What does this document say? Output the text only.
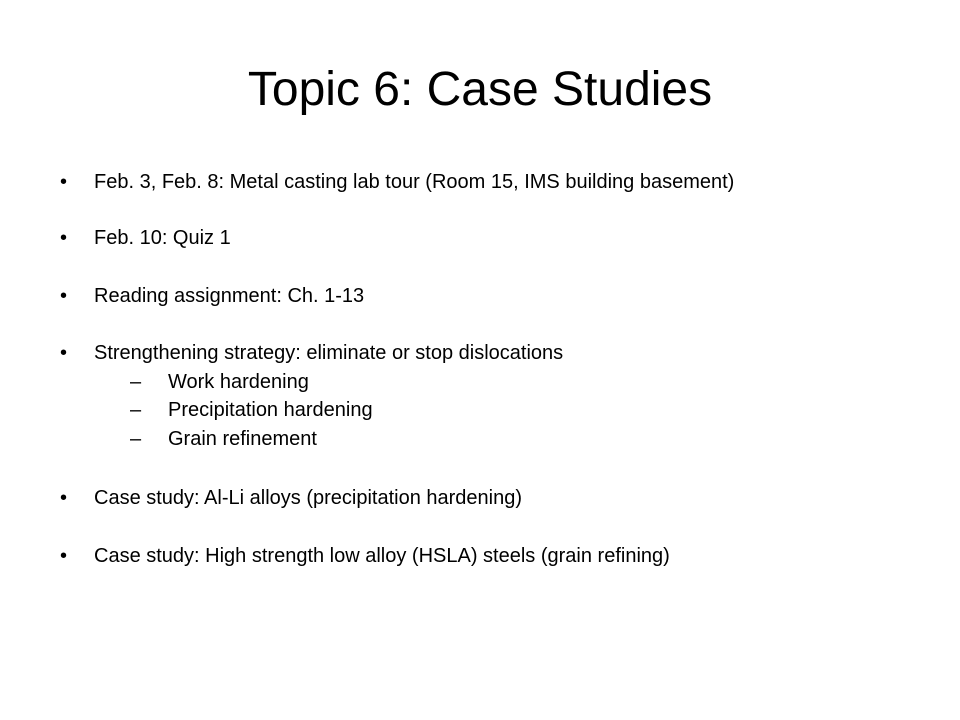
Topic 6: Case Studies
•	Feb. 3, Feb. 8: Metal casting lab tour (Room 15, IMS building basement)
•	Feb. 10: Quiz 1
•	Reading assignment: Ch. 1-13
•	Strengthening strategy: eliminate or stop dislocations
– Work hardening
– Precipitation hardening
– Grain refinement
•	Case study: Al-Li alloys (precipitation hardening)
•	Case study: High strength low alloy (HSLA) steels (grain refining)
